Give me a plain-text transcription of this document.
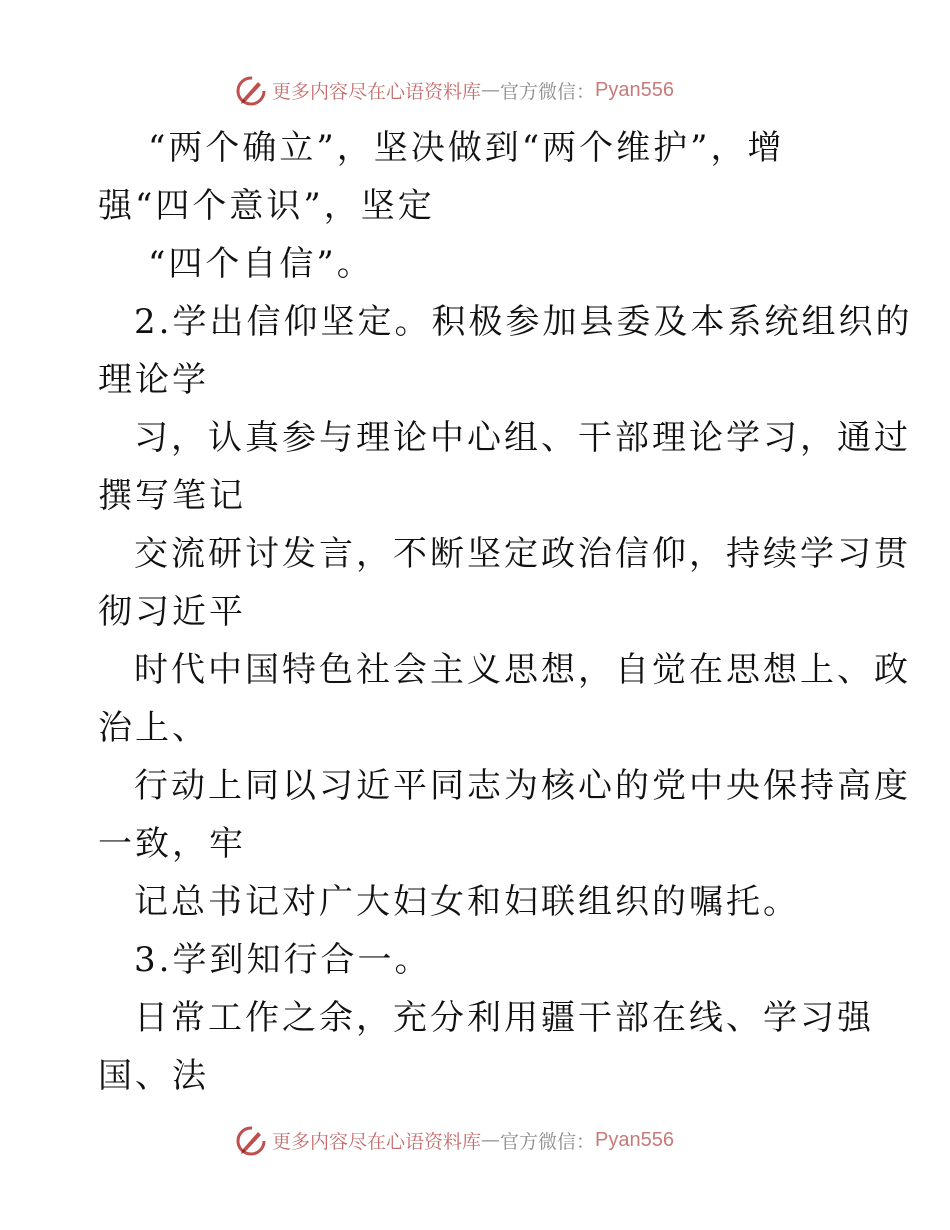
更多内容尽在心语资料库 — 官方微信： Pyan556
“两个确立”，坚决做到“两个维护”，增
强“四个意识”，坚定
“四个自信”。
2.学出信仰坚定。积极参加县委及本系统组织的
理论学
习，认真参与理论中心组、干部理论学习，通过
撰写笔记
交流研讨发言，不断坚定政治信仰，持续学习贯
彻习近平
时代中国特色社会主义思想，自觉在思想上、政
治上、
行动上同以习近平同志为核心的党中央保持高度
一致，牢
记总书记对广大妇女和妇联组织的嘱托。
3.学到知行合一。
日常工作之余，充分利用疆干部在线、学习强
国、法
更多内容尽在心语资料库 — 官方微信： Pyan556
